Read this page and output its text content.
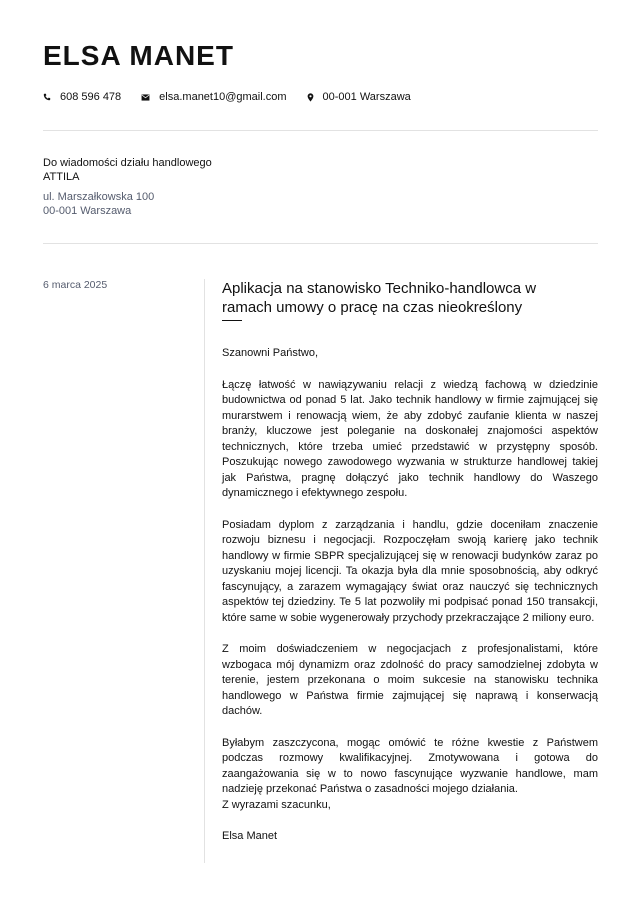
ELSA MANET
608 596 478	elsa.manet10@gmail.com	00-001 Warszawa
Do wiadomości działu handlowego
ATTILA
ul. Marszałkowska 100
00-001 Warszawa
6 marca 2025	Aplikacja na stanowisko Techniko-handlowca w ramach umowy o pracę na czas nieokreślony

Szanowni Państwo,

Łączę łatwość w nawiązywaniu relacji z wiedzą fachową w dziedzinie budownictwa od ponad 5 lat. Jako technik handlowy w firmie zajmującej się murarstwem i renowacją wiem, że aby zdobyć zaufanie klienta w naszej branży, kluczowe jest poleganie na doskonałej znajomości aspektów technicznych, które trzeba umieć przedstawić w przystępny sposób. Poszukując nowego zawodowego wyzwania w strukturze handlowej takiej jak Państwa, pragnę dołączyć jako technik handlowy do Waszego dynamicznego i efektywnego zespołu.

Posiadam dyplom z zarządzania i handlu, gdzie doceniłam znaczenie rozwoju biznesu i negocjacji. Rozpoczęłam swoją karierę jako technik handlowy w firmie SBPR specjalizującej się w renowacji budynków zaraz po uzyskaniu mojej licencji. Ta okazja była dla mnie sposobnością, aby odkryć fascynujący, a zarazem wymagający świat oraz nauczyć się technicznych aspektów tej dziedziny. Te 5 lat pozwoliły mi podpisać ponad 150 transakcji, które same w sobie wygenerowały przychody przekraczające 2 miliony euro.

Z moim doświadczeniem w negocjacjach z profesjonalistami, które wzbogaca mój dynamizm oraz zdolność do pracy samodzielnej zdobyta w terenie, jestem przekonana o moim sukcesie na stanowisku technika handlowego w Państwa firmie zajmującej się naprawą i konserwacją dachów.

Byłabym zaszczycona, mogąc omówić te różne kwestie z Państwem podczas rozmowy kwalifikacyjnej. Zmotywowana i gotowa do zaangażowania się w to nowo fascynujące wyzwanie handlowe, mam nadzieję przekonać Państwa o zasadności mojego działania.

Z wyrazami szacunku,

Elsa Manet
